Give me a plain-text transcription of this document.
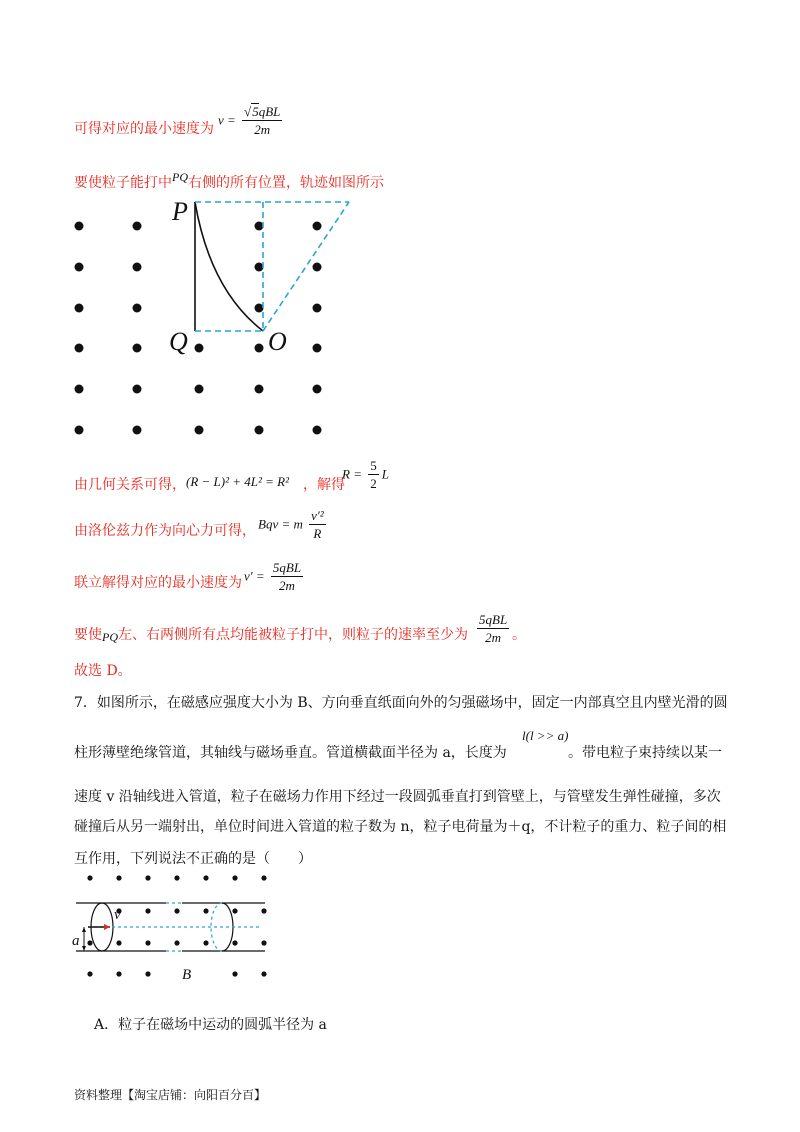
可得对应的最小速度为
$v = \frac{\text{√5qBL}}{2m}$
要使粒子能打中PQ右侧的所有位置，轨迹如图所示
P
Q	O
由几何关系可得， (R − L)² + 4L² = R² ，解得
$R = \frac{5}{2}$ L
由洛伦兹力作为向心力可得， Bqv = m $\frac{\text{v′²}}{R}$
联立解得对应的最小速度为 $v' = \frac{\text{5qBL}}{2m}$
要使PQ左、右两侧所有点均能被粒子打中，则粒子的速率至少为 $\frac{\text{5qBL}}{2m}$ 。
故选 D。
7．如图所示，在磁感应强度大小为 B、方向垂直纸面向外的匀强磁场中，固定一内部真空且内壁光滑的圆
柱形薄壁绝缘管道，其轴线与磁场垂直。管道横截面半径为 a，长度为
l(l >> a)
。带电粒子束持续以某一
速度 v 沿轴线进入管道，粒子在磁场力作用下经过一段圆弧垂直打到管壁上，与管壁发生弹性碰撞，多次
碰撞后从另一端射出，单位时间进入管道的粒子数为 n，粒子电荷量为＋q，不计粒子的重力、粒子间的相
互作用，下列说法不正确的是（　　）
v
a
B
A．粒子在磁场中运动的圆弧半径为 a
资料整理【淘宝店铺：向阳百分百】
